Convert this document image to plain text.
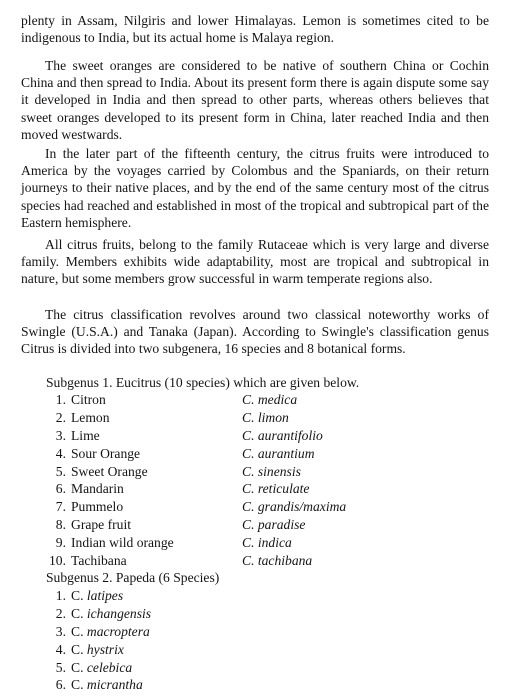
plenty in Assam, Nilgiris and lower Himalayas. Lemon is sometimes cited to be indigenous to India, but its actual home is Malaya region.

The sweet oranges are considered to be native of southern China or Cochin China and then spread to India. About its present form there is again dispute some say it developed in India and then spread to other parts, whereas others believes that sweet oranges developed to its present form in China, later reached India and then moved westwards.

In the later part of the fifteenth century, the citrus fruits were introduced to America by the voyages carried by Colombus and the Spaniards, on their return journeys to their native places, and by the end of the same century most of the citrus species had reached and established in most of the tropical and subtropical part of the Eastern hemisphere.

All citrus fruits, belong to the family Rutaceae which is very large and diverse family. Members exhibits wide adaptability, most are tropical and subtropical in nature, but some members grow successful in warm temperate regions also.

The citrus classification revolves around two classical noteworthy works of Swingle (U.S.A.) and Tanaka (Japan). According to Swingle's classification genus Citrus is divided into two subgenera, 16 species and 8 botanical forms.

Subgenus 1. Eucitrus (10 species) which are given below.

1. Citron	C. medica
2. Lemon	C. limon
3. Lime	C. aurantifolio
4. Sour Orange	C. aurantium
5. Sweet Orange	C. sinensis
6. Mandarin	C. reticulate
7. Pummelo	C. grandis/maxima
8. Grape fruit	C. paradise
9. Indian wild orange	C. indica
10. Tachibana	C. tachibana

Subgenus 2. Papeda (6 Species)

1. C. latipes
2. C. ichangensis
3. C. macroptera
4. C. hystrix
5. C. celebica
6. C. micrantha
